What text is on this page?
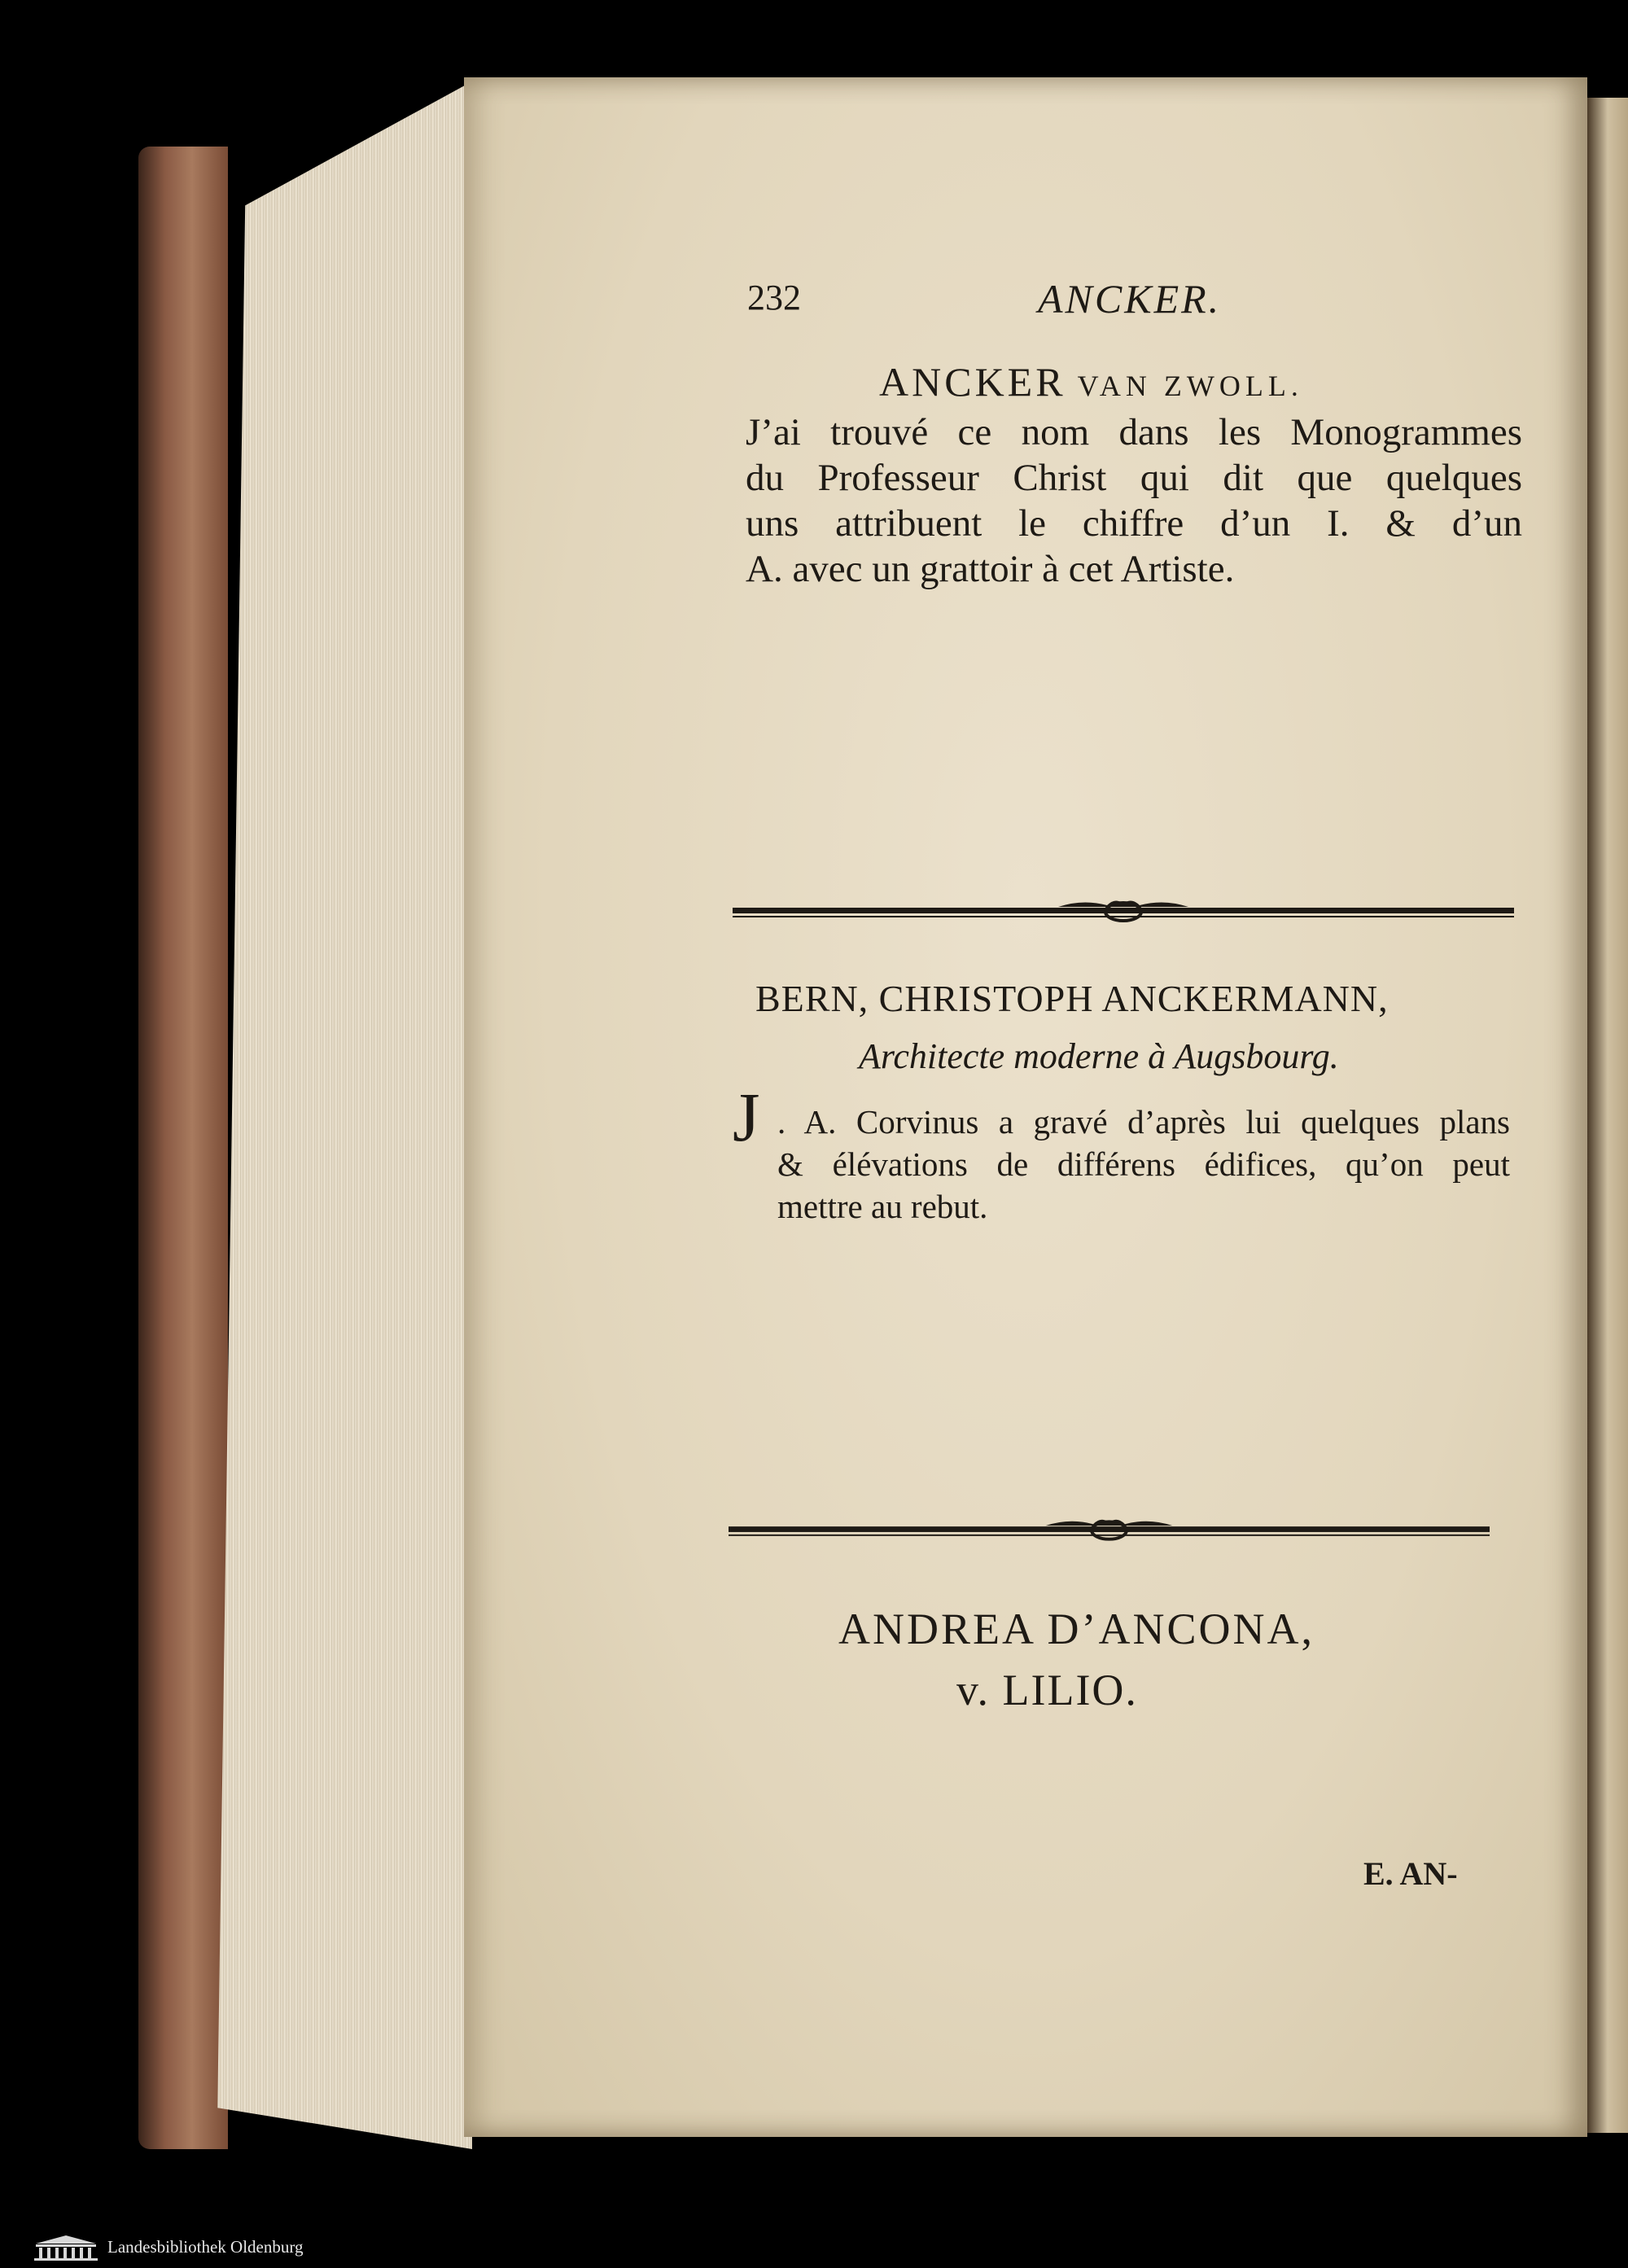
232	ANCKER.
ANCKER VAN ZWOLL.
J’ai trouvé ce nom dans les Monogrammes
du Professeur Christ qui dit que quelques
uns attribuent le chiffre d’un I. & d’un
A. avec un grattoir à cet Artiste.
BERN, CHRISTOPH ANCKERMANN,
Architecte moderne à Augsbourg.
J . A. Corvinus a gravé d’après lui quelques plans
& élévations de différens édifices, qu’on peut
mettre au rebut.
ANDREA D’ANCONA,
v. LILIO.
E. AN-
Landesbibliothek Oldenburg
